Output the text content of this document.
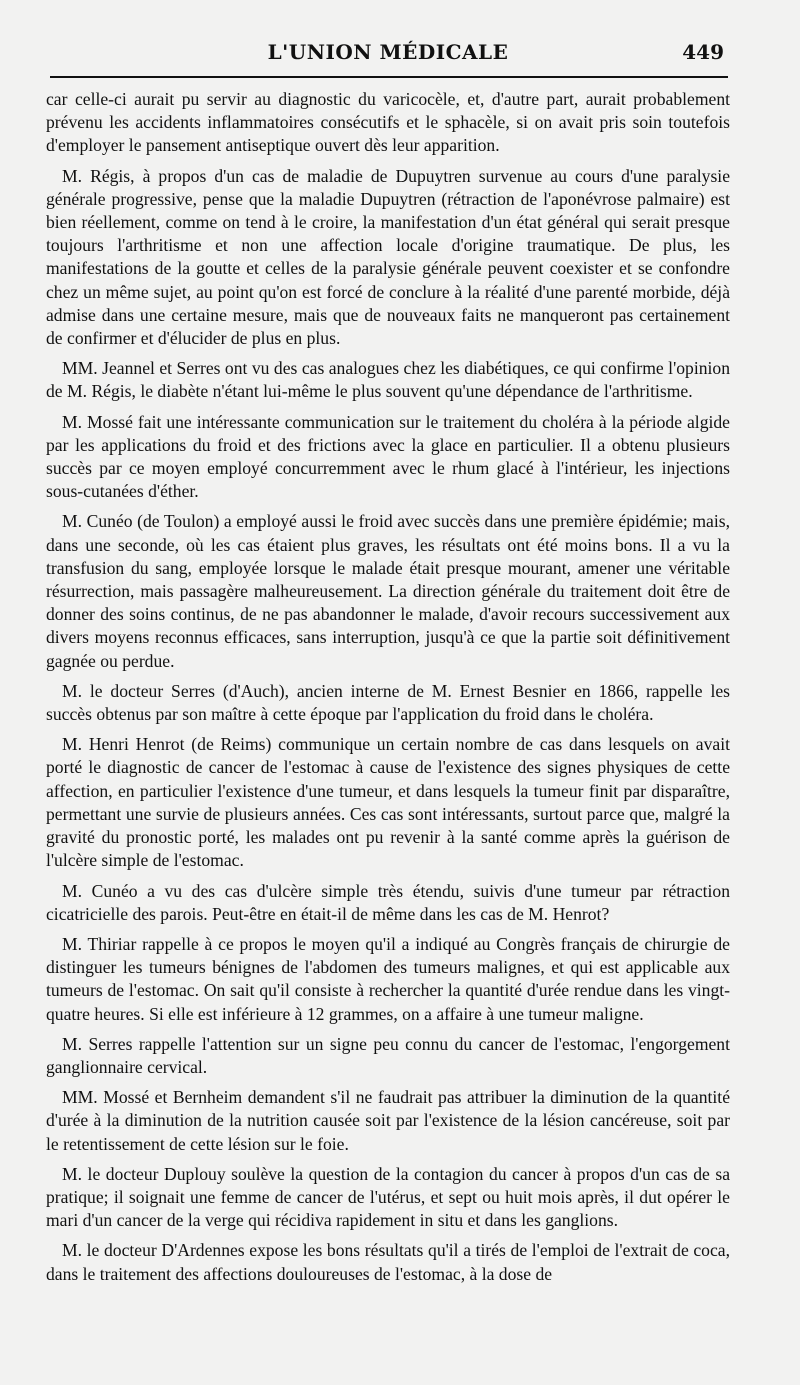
L'UNION MÉDICALE	449

car celle-ci aurait pu servir au diagnostic du varicocèle, et, d'autre part, aurait probablement prévenu les accidents inflammatoires consécutifs et le sphacèle, si on avait pris soin toutefois d'employer le pansement antiseptique ouvert dès leur apparition.

M. Régis, à propos d'un cas de maladie de Dupuytren survenue au cours d'une paralysie générale progressive, pense que la maladie Dupuytren (rétraction de l'aponévrose palmaire) est bien réellement, comme on tend à le croire, la manifestation d'un état général qui serait presque toujours l'arthritisme et non une affection locale d'origine traumatique. De plus, les manifestations de la goutte et celles de la paralysie générale peuvent coexister et se confondre chez un même sujet, au point qu'on est forcé de conclure à la réalité d'une parenté morbide, déjà admise dans une certaine mesure, mais que de nouveaux faits ne manqueront pas certainement de confirmer et d'élucider de plus en plus.

MM. Jeannel et Serres ont vu des cas analogues chez les diabétiques, ce qui confirme l'opinion de M. Régis, le diabète n'étant lui-même le plus souvent qu'une dépendance de l'arthritisme.

M. Mossé fait une intéressante communication sur le traitement du choléra à la période algide par les applications du froid et des frictions avec la glace en particulier. Il a obtenu plusieurs succès par ce moyen employé concurremment avec le rhum glacé à l'intérieur, les injections sous-cutanées d'éther.

M. Cunéo (de Toulon) a employé aussi le froid avec succès dans une première épidémie; mais, dans une seconde, où les cas étaient plus graves, les résultats ont été moins bons. Il a vu la transfusion du sang, employée lorsque le malade était presque mourant, amener une véritable résurrection, mais passagère malheureusement. La direction générale du traitement doit être de donner des soins continus, de ne pas abandonner le malade, d'avoir recours successivement aux divers moyens reconnus efficaces, sans interruption, jusqu'à ce que la partie soit définitivement gagnée ou perdue.

M. le docteur Serres (d'Auch), ancien interne de M. Ernest Besnier en 1866, rappelle les succès obtenus par son maître à cette époque par l'application du froid dans le choléra.

M. Henri Henrot (de Reims) communique un certain nombre de cas dans lesquels on avait porté le diagnostic de cancer de l'estomac à cause de l'existence des signes physiques de cette affection, en particulier l'existence d'une tumeur, et dans lesquels la tumeur finit par disparaître, permettant une survie de plusieurs années. Ces cas sont intéressants, surtout parce que, malgré la gravité du pronostic porté, les malades ont pu revenir à la santé comme après la guérison de l'ulcère simple de l'estomac.

M. Cunéo a vu des cas d'ulcère simple très étendu, suivis d'une tumeur par rétraction cicatricielle des parois. Peut-être en était-il de même dans les cas de M. Henrot?

M. Thiriar rappelle à ce propos le moyen qu'il a indiqué au Congrès français de chirurgie de distinguer les tumeurs bénignes de l'abdomen des tumeurs malignes, et qui est applicable aux tumeurs de l'estomac. On sait qu'il consiste à rechercher la quantité d'urée rendue dans les vingt-quatre heures. Si elle est inférieure à 12 grammes, on a affaire à une tumeur maligne.

M. Serres rappelle l'attention sur un signe peu connu du cancer de l'estomac, l'engorgement ganglionnaire cervical.

MM. Mossé et Bernheim demandent s'il ne faudrait pas attribuer la diminution de la quantité d'urée à la diminution de la nutrition causée soit par l'existence de la lésion cancéreuse, soit par le retentissement de cette lésion sur le foie.

M. le docteur Duplouy soulève la question de la contagion du cancer à propos d'un cas de sa pratique; il soignait une femme de cancer de l'utérus, et sept ou huit mois après, il dut opérer le mari d'un cancer de la verge qui récidiva rapidement in situ et dans les ganglions.

M. le docteur D'Ardennes expose les bons résultats qu'il a tirés de l'emploi de l'extrait de coca, dans le traitement des affections douloureuses de l'estomac, à la dose de
